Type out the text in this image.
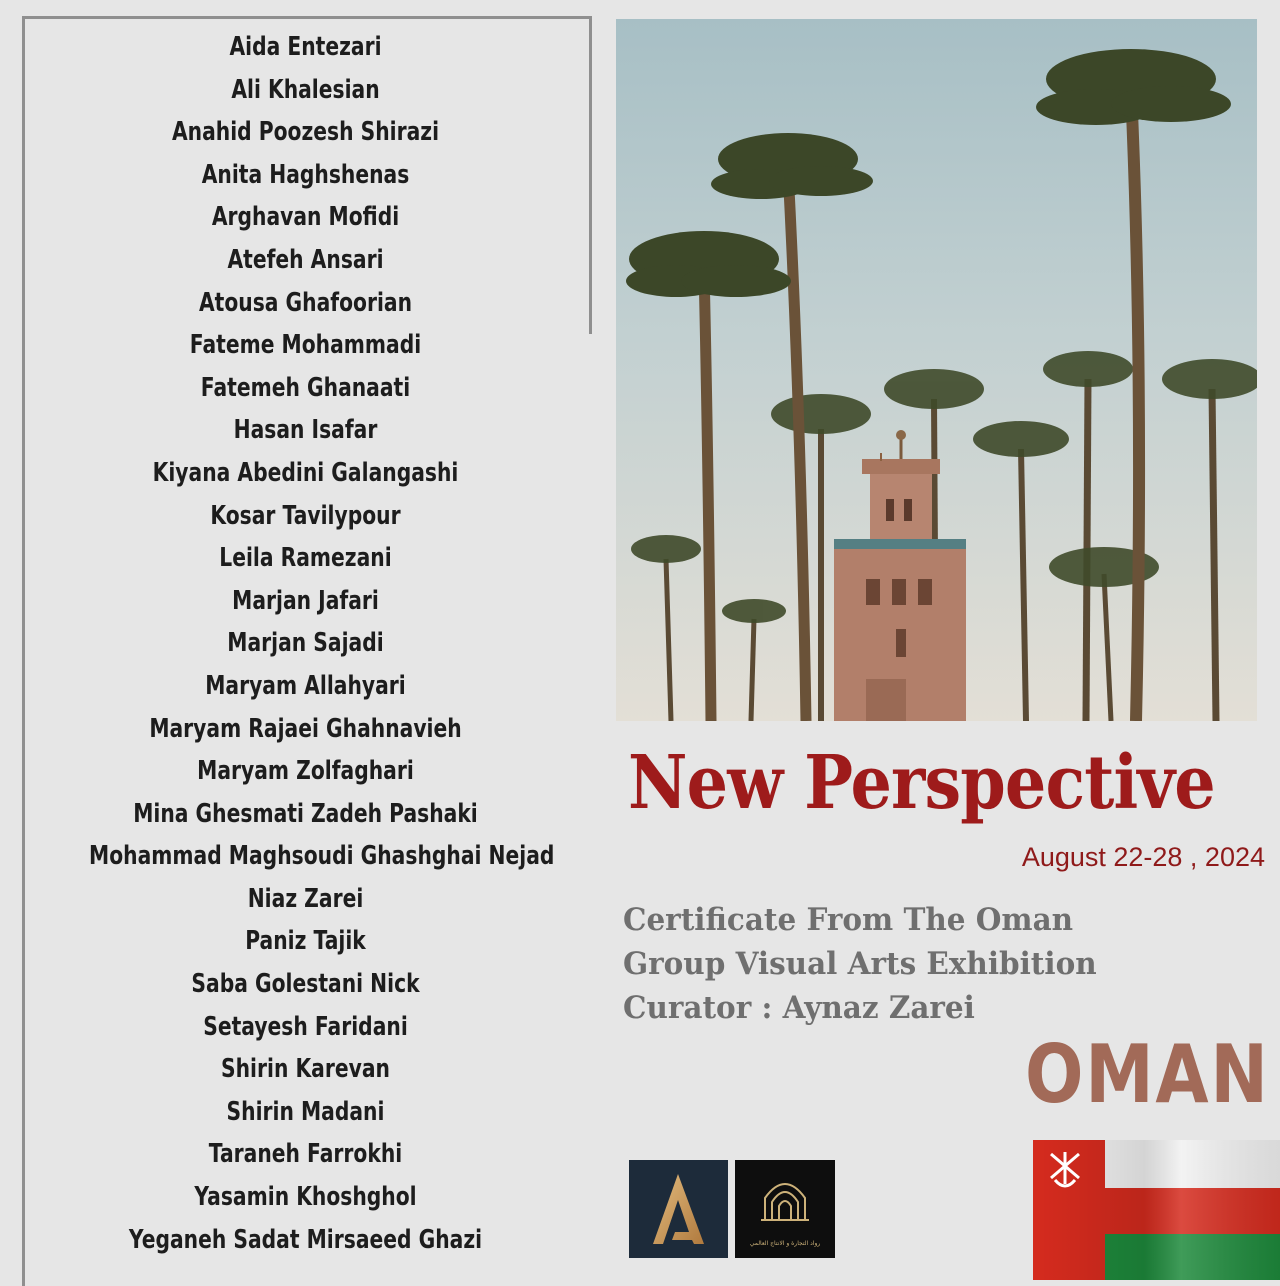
Aida Entezari
Ali Khalesian
Anahid Poozesh Shirazi
Anita Haghshenas
Arghavan Mofidi
Atefeh Ansari
Atousa Ghafoorian
Fateme Mohammadi
Fatemeh Ghanaati
Hasan Isafar
Kiyana Abedini Galangashi
Kosar Tavilypour
Leila Ramezani
Marjan Jafari
Marjan Sajadi
Maryam Allahyari
Maryam Rajaei Ghahnavieh
Maryam Zolfaghari
Mina Ghesmati Zadeh Pashaki
Mohammad Maghsoudi Ghashghai Nejad
Niaz Zarei
Paniz Tajik
Saba Golestani Nick
Setayesh Faridani
Shirin Karevan
Shirin Madani
Taraneh Farrokhi
Yasamin Khoshghol
Yeganeh Sadat Mirsaeed Ghazi
New Perspective
August 22-28 , 2024
Certificate From The Oman
Group Visual Arts Exhibition
Curator : Aynaz Zarei
OMAN
رواد التجارة و الانتاج العالمي
